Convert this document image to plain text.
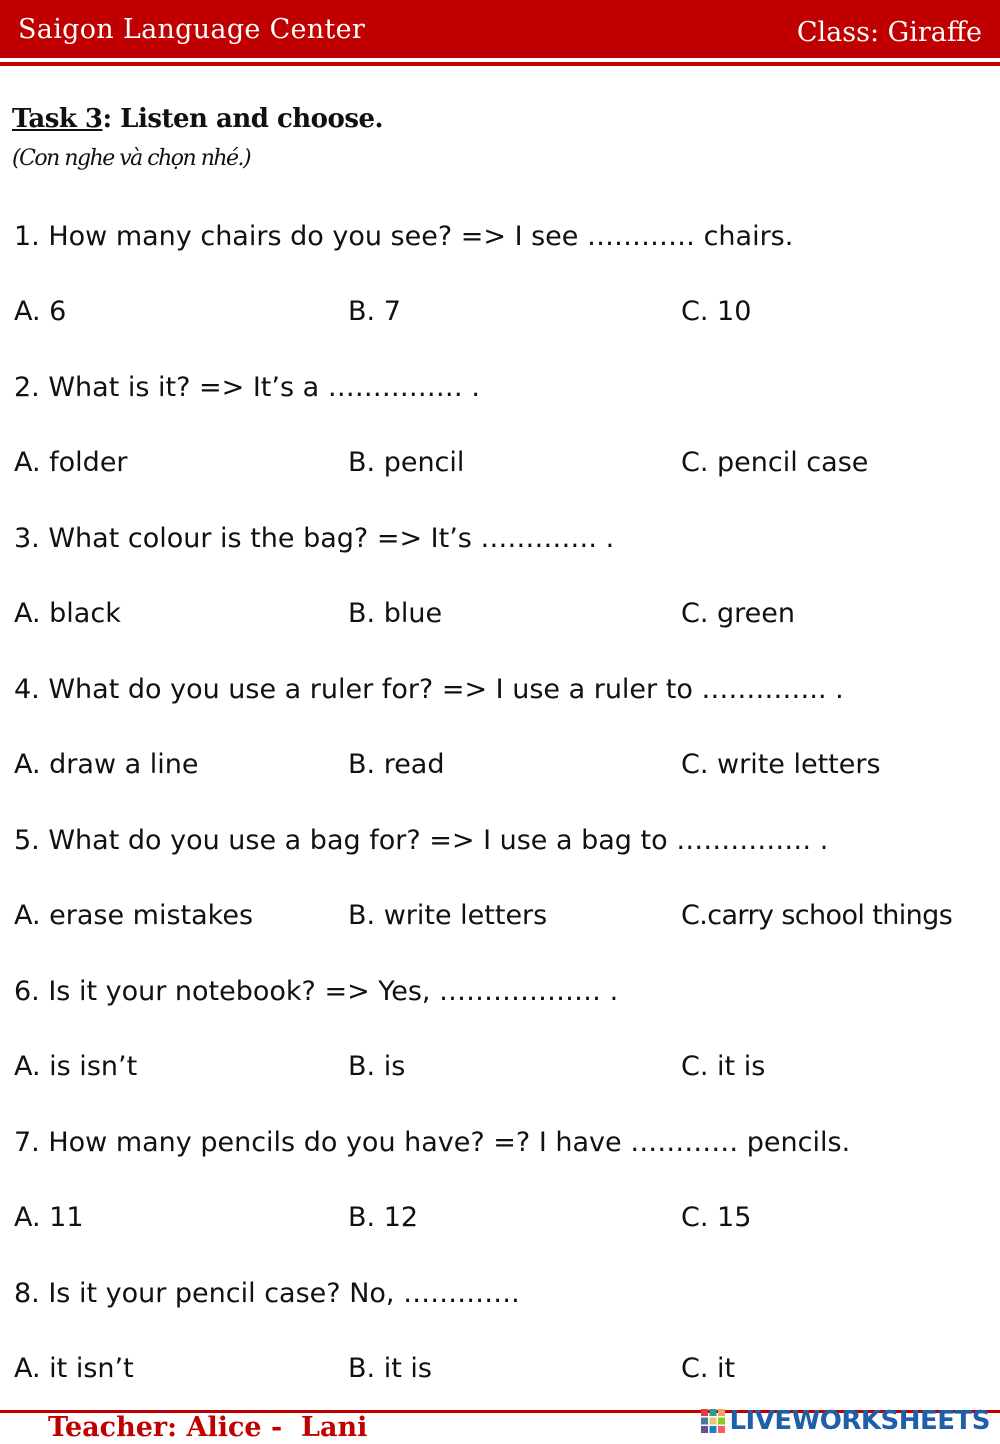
Saigon Language Center	Class: Giraffe
Task 3: Listen and choose.
(Con nghe và chọn nhé.)
1. How many chairs do you see? => I see ………… chairs.
A. 6	B. 7	C. 10
2. What is it? => It’s a …………… .
A. folder	B. pencil	C. pencil case
3. What colour is the bag? => It’s …………. .
A. black	B. blue	C. green
4. What do you use a ruler for? => I use a ruler to ………….. .
A. draw a line	B. read	C. write letters
5. What do you use a bag for? => I use a bag to …………… .
A. erase mistakes	B. write letters	C.carry school things
6. Is it your notebook? => Yes, ……………… .
A. is isn’t	B. is	C. it is
7. How many pencils do you have? =? I have ………… pencils.
A. 11	B. 12	C. 15
8. Is it your pencil case? No, ………….
A. it isn’t	B. it is	C. it
Teacher: Alice -  Lani	LIVEWORKSHEETS
